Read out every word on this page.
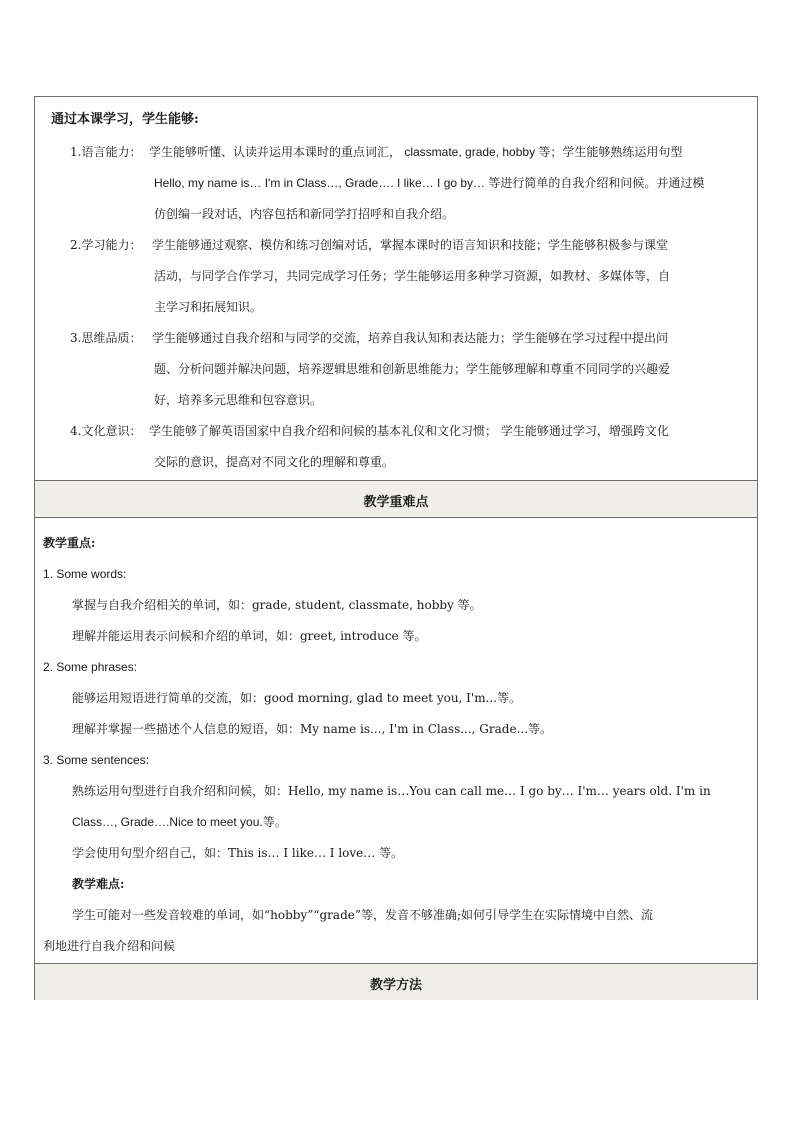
通过本课学习，学生能够:
1.语言能力： 学生能够听懂、认读并运用本课时的重点词汇， classmate, grade, hobby 等；学生能够熟练运用句型
Hello, my name is… I'm in Class…, Grade…. I like… I go by… 等进行简单的自我介绍和问候。并通过模
仿创编一段对话，内容包括和新同学打招呼和自我介绍。
2.学习能力： 学生能够通过观察、模仿和练习创编对话，掌握本课时的语言知识和技能；学生能够积极参与课堂
活动，与同学合作学习，共同完成学习任务；学生能够运用多种学习资源，如教材、多媒体等，自
主学习和拓展知识。
3.思维品质： 学生能够通过自我介绍和与同学的交流，培养自我认知和表达能力；学生能够在学习过程中提出问
题、分析问题并解决问题，培养逻辑思维和创新思维能力；学生能够理解和尊重不同同学的兴趣爱
好，培养多元思维和包容意识。
4.文化意识： 学生能够了解英语国家中自我介绍和问候的基本礼仪和文化习惯； 学生能够通过学习，增强跨文化
交际的意识，提高对不同文化的理解和尊重。
教学重难点
教学重点:
1. Some words:
掌握与自我介绍相关的单词，如：grade, student, classmate, hobby 等。
理解并能运用表示问候和介绍的单词，如：greet, introduce 等。
2. Some phrases:
能够运用短语进行简单的交流，如：good morning, glad to meet you, I'm...等。
理解并掌握一些描述个人信息的短语，如：My name is..., I'm in Class..., Grade...等。
3. Some sentences:
熟练运用句型进行自我介绍和问候，如：Hello, my name is…You can call me… I go by… I'm… years old. I'm in
Class…, Grade….Nice to meet you.等。
学会使用句型介绍自己，如：This is… I like… I love… 等。
教学难点:
学生可能对一些发音较难的单词，如“hobby”“grade”等，发音不够准确;如何引导学生在实际情境中自然、流
利地进行自我介绍和问候
教学方法
